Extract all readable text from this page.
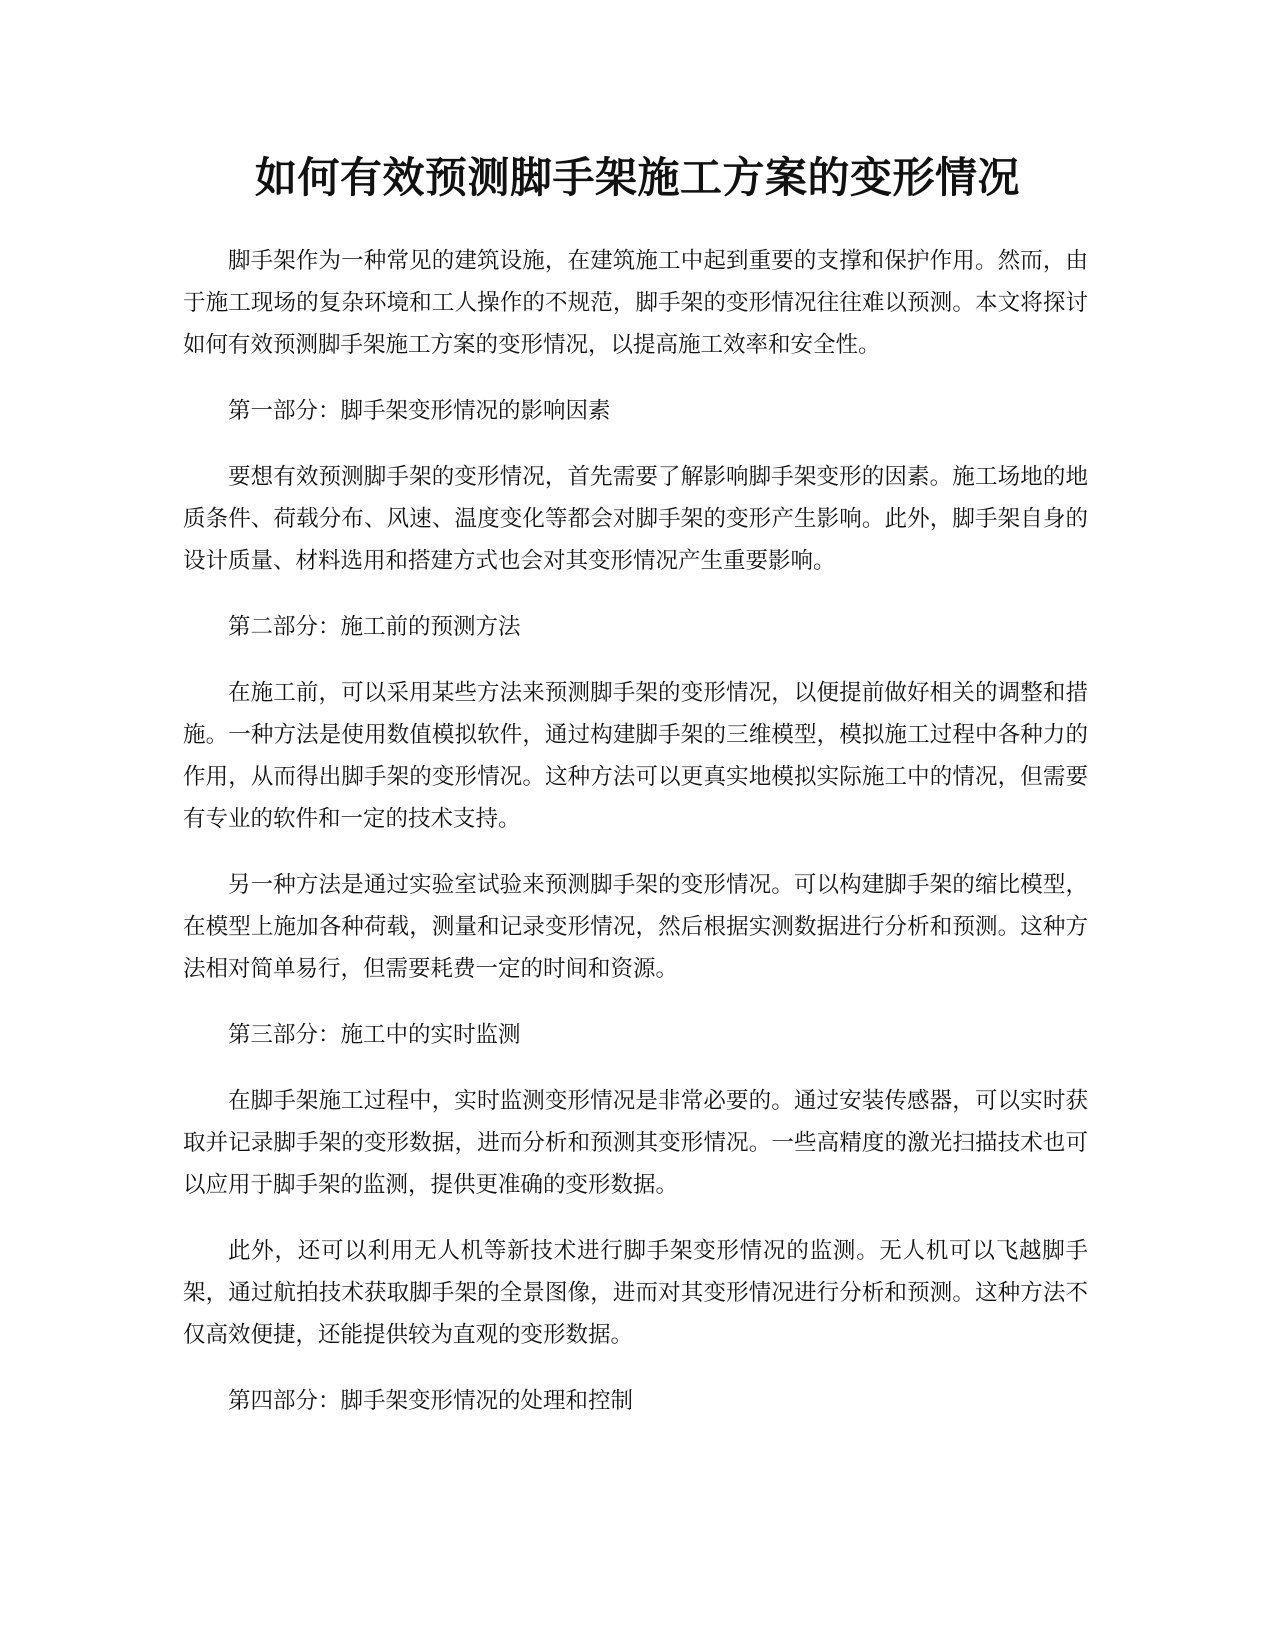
如何有效预测脚手架施工方案的变形情况

脚手架作为一种常见的建筑设施，在建筑施工中起到重要的支撑和保护作用。然而，由于施工现场的复杂环境和工人操作的不规范，脚手架的变形情况往往难以预测。本文将探讨如何有效预测脚手架施工方案的变形情况，以提高施工效率和安全性。

第一部分：脚手架变形情况的影响因素

要想有效预测脚手架的变形情况，首先需要了解影响脚手架变形的因素。施工场地的地质条件、荷载分布、风速、温度变化等都会对脚手架的变形产生影响。此外，脚手架自身的设计质量、材料选用和搭建方式也会对其变形情况产生重要影响。

第二部分：施工前的预测方法

在施工前，可以采用某些方法来预测脚手架的变形情况，以便提前做好相关的调整和措施。一种方法是使用数值模拟软件，通过构建脚手架的三维模型，模拟施工过程中各种力的作用，从而得出脚手架的变形情况。这种方法可以更真实地模拟实际施工中的情况，但需要有专业的软件和一定的技术支持。

另一种方法是通过实验室试验来预测脚手架的变形情况。可以构建脚手架的缩比模型，在模型上施加各种荷载，测量和记录变形情况，然后根据实测数据进行分析和预测。这种方法相对简单易行，但需要耗费一定的时间和资源。

第三部分：施工中的实时监测

在脚手架施工过程中，实时监测变形情况是非常必要的。通过安装传感器，可以实时获取并记录脚手架的变形数据，进而分析和预测其变形情况。一些高精度的激光扫描技术也可以应用于脚手架的监测，提供更准确的变形数据。

此外，还可以利用无人机等新技术进行脚手架变形情况的监测。无人机可以飞越脚手架，通过航拍技术获取脚手架的全景图像，进而对其变形情况进行分析和预测。这种方法不仅高效便捷，还能提供较为直观的变形数据。

第四部分：脚手架变形情况的处理和控制
